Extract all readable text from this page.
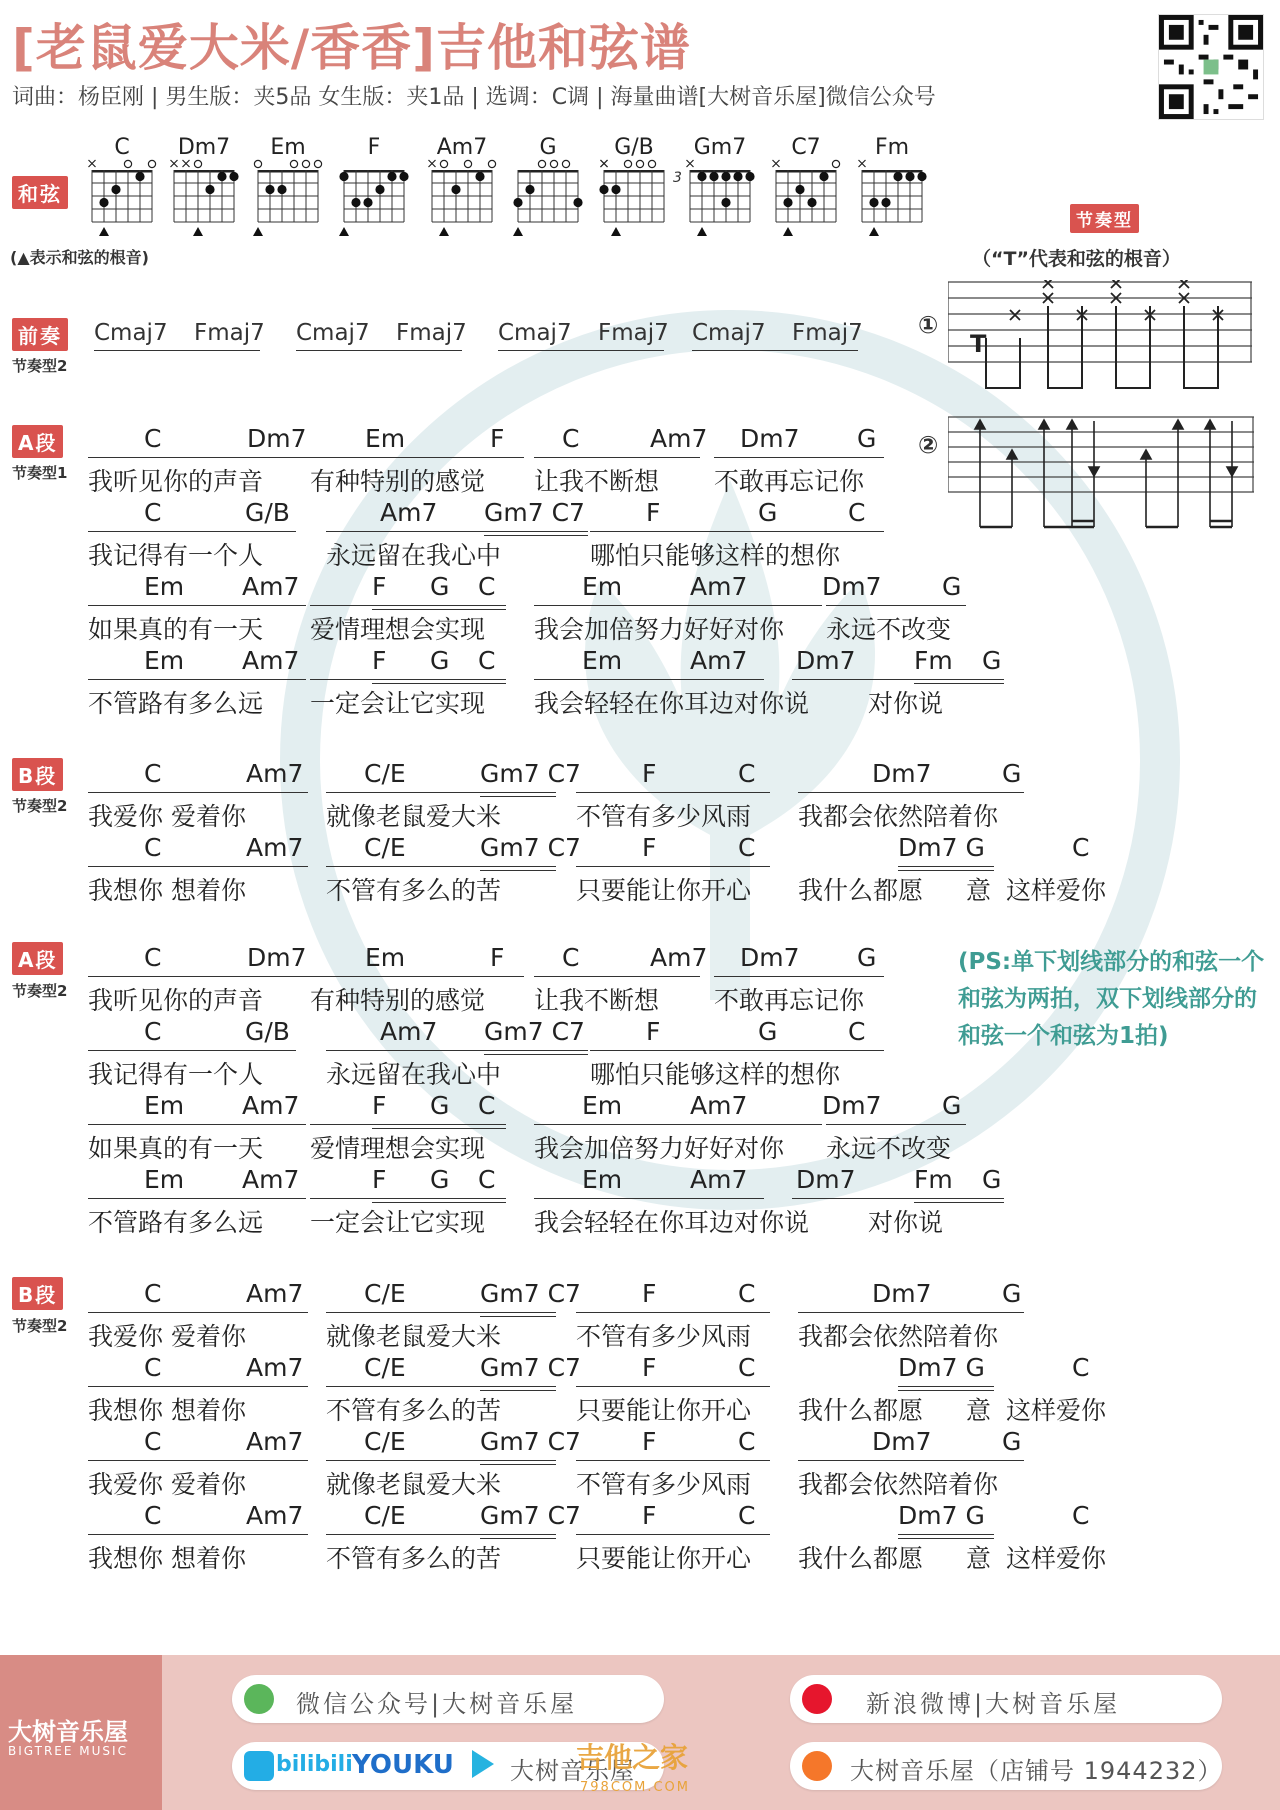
[老鼠爱大米/香香]吉他和弦谱
词曲：杨臣刚 | 男生版：夹5品 女生版：夹1品 | 选调：C调 | 海量曲谱[大树音乐屋]微信公众号
和弦
(▲表示和弦的根音)
C	Dm7	Em	F	Am7	G	G/B	Gm7	C7	Fm
3
节奏型
（“T”代表和弦的根音）
①
②
T
前奏
节奏型2
Cmaj7 Fmaj7 Cmaj7 Fmaj7 Cmaj7 Fmaj7 Cmaj7 Fmaj7
A段
节奏型1
B段
节奏型2
A段
节奏型2
B段
节奏型2
C	Dm7 Em	F C	Am7 Dm7 G
我听见你的声音 有种特别的感觉 让我不断想 不敢再忘记你
C	G/B	Am7 Gm7 C7 F	G	C
我记得有一个人	永远留在我心中	哪怕只能够这样的想你
Em Am7	F G C	Em	Am7	Dm7 G
如果真的有一天 爱情理想会实现 我会加倍努力好好对你 永远不改变
Em Am7	F G C	Em	Am7 Dm7 Fm G
不管路有多么远 一定会让它实现 我会轻轻在你耳边对你说 对你说
C	Dm7 Em	F C	Am7 Dm7 G
我听见你的声音 有种特别的感觉 让我不断想 不敢再忘记你
C	G/B	Am7 Gm7 C7 F	G	C
我记得有一个人	永远留在我心中	哪怕只能够这样的想你
Em Am7	F G C	Em	Am7	Dm7 G
如果真的有一天 爱情理想会实现 我会加倍努力好好对你 永远不改变
Em Am7	F G C	Em	Am7 Dm7 Fm G
不管路有多么远 一定会让它实现 我会轻轻在你耳边对你说 对你说
C	Am7 C/E	Gm7 C7 F	C	Dm7	G
我爱你 爱着你	就像老鼠爱大米	不管有多少风雨 我都会依然陪着你
C	Am7 C/E	Gm7 C7 F	C	Dm7 G	C
我想你 想着你	不管有多么的苦	只要能让你开心 我什么都愿 意 这样爱你
C	Am7 C/E	Gm7 C7 F	C	Dm7	G
我爱你 爱着你	就像老鼠爱大米	不管有多少风雨 我都会依然陪着你
C	Am7 C/E	Gm7 C7 F	C	Dm7 G	C
我想你 想着你	不管有多么的苦	只要能让你开心 我什么都愿 意 这样爱你
C	Am7 C/E	Gm7 C7 F	C	Dm7	G
我爱你 爱着你	就像老鼠爱大米	不管有多少风雨 我都会依然陪着你
C	Am7 C/E	Gm7 C7 F	C	Dm7 G	C
我想你 想着你	不管有多么的苦	只要能让你开心 我什么都愿 意 这样爱你
(PS:单下划线部分的和弦一个和弦为两拍，双下划线部分的和弦一个和弦为1拍)
大树音乐屋
BIGTREE MUSIC
微信公众号|大树音乐屋	新浪微博|大树音乐屋
bilibili YOUKU 大树音乐屋	大树音乐屋（店铺号 1944232）
吉他之家
798COM.COM
